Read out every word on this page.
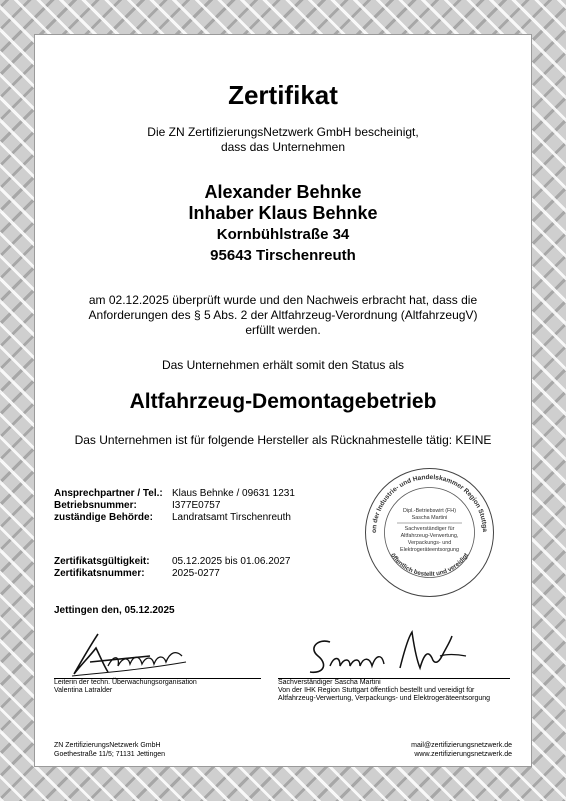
Zertifikat
Die ZN ZertifizierungsNetzwerk GmbH bescheinigt,
dass das Unternehmen
Alexander Behnke
Inhaber Klaus Behnke
Kornbühlstraße 34
95643 Tirschenreuth
am 02.12.2025 überprüft wurde und den Nachweis erbracht hat, dass die
Anforderungen des § 5 Abs. 2 der Altfahrzeug-Verordnung (AltfahrzeugV)
erfüllt werden.
Das Unternehmen erhält somit den Status als
Altfahrzeug-Demontagebetrieb
Das Unternehmen ist für folgende Hersteller als Rücknahmestelle tätig: KEINE
Ansprechpartner / Tel.: Klaus Behnke / 09631 1231
Betriebsnummer:	I377E0757
zuständige Behörde: Landratsamt Tirschenreuth
Zertifikatsgültigkeit: 05.12.2025 bis 01.06.2027
Zertifikatsnummer:	2025-0277
Jettingen den, 05.12.2025
on der Industrie- und Handelskammer Region Stuttga
öffentlich bestellt und vereidigt
Dipl.-Betriebswirt (FH)
Sascha Martini
Sachverständiger für
Altfahrzeug-Verwertung,
Verpackungs- und
Elektrogeräteentsorgung
Leiterin der techn. Überwachungsorganisation
Valentina Latralder
Sachverständiger Sascha Martini
Von der IHK Region Stuttgart öffentlich bestellt und vereidigt für
Altfahrzeug-Verwertung, Verpackungs- und Elektrogeräteentsorgung
ZN ZertifizierungsNetzwerk GmbH
Goethestraße 11/5; 71131 Jettingen
mail@zertifizierungsnetzwerk.de
www.zertifizierungsnetzwerk.de
